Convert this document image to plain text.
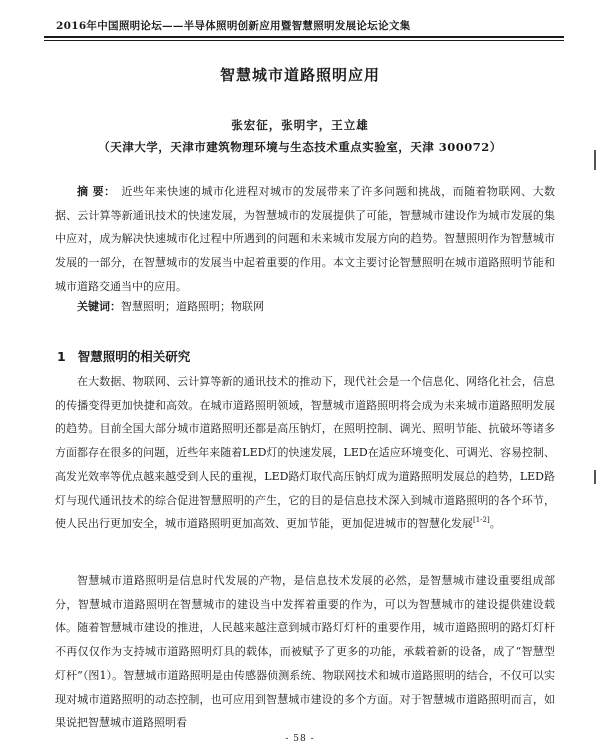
2016年中国照明论坛——半导体照明创新应用暨智慧照明发展论坛论文集
智慧城市道路照明应用
张宏征，张明宇，王立雄
（天津大学，天津市建筑物理环境与生态技术重点实验室，天津 300072）

摘 要： 近些年来快速的城市化进程对城市的发展带来了许多问题和挑战，而随着物联网、大数据、云计算等新通讯技术的快速发展，为智慧城市的发展提供了可能，智慧城市建设作为城市发展的集中应对，成为解决快速城市化过程中所遇到的问题和未来城市发展方向的趋势。智慧照明作为智慧城市发展的一部分，在智慧城市的发展当中起着重要的作用。本文主要讨论智慧照明在城市道路照明节能和城市道路交通当中的应用。

关键词：智慧照明；道路照明；物联网
1 智慧照明的相关研究

在大数据、物联网、云计算等新的通讯技术的推动下，现代社会是一个信息化、网络化社会，信息的传播变得更加快捷和高效。在城市道路照明领域，智慧城市道路照明将会成为未来城市道路照明发展的趋势。目前全国大部分城市道路照明还都是高压钠灯，在照明控制、调光、照明节能、抗破坏等诸多方面都存在很多的问题，近些年来随着LED灯的快速发展，LED在适应环境变化、可调光、容易控制、高发光效率等优点越来越受到人民的重视，LED路灯取代高压钠灯成为道路照明发展总的趋势，LED路灯与现代通讯技术的综合促进智慧照明的产生，它的目的是信息技术深入到城市道路照明的各个环节，使人民出行更加安全，城市道路照明更加高效、更加节能，更加促进城市的智慧化发展[1-2]。

智慧城市道路照明是信息时代发展的产物，是信息技术发展的必然，是智慧城市建设重要组成部分，智慧城市道路照明在智慧城市的建设当中发挥着重要的作为，可以为智慧城市的建设提供建设载体。随着智慧城市建设的推进，人民越来越注意到城市路灯灯杆的重要作用，城市道路照明的路灯灯杆不再仅仅作为支持城市道路照明灯具的载体，而被赋予了更多的功能，承载着新的设备，成了“智慧型灯杆”（图1）。智慧城市道路照明是由传感器侦测系统、物联网技术和城市道路照明的结合，不仅可以实现对城市道路照明的动态控制，也可应用到智慧城市建设的多个方面。对于智慧城市道路照明而言，如果说把智慧城市道路照明看

- 58 -
